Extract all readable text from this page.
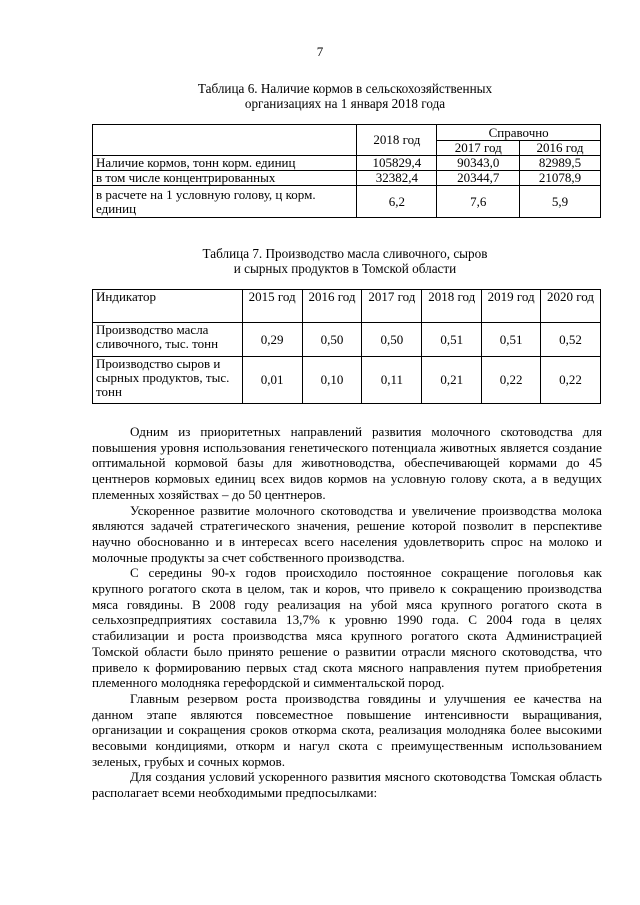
7
Таблица 6. Наличие кормов в сельскохозяйственных
организациях на 1 января 2018 года
	2018 год	Справочно	
		2017 год	2016 год
Наличие кормов, тонн корм. единиц	105829,4	90343,0	82989,5
в том числе концентрированных	32382,4	20344,7	21078,9
в расчете на 1 условную голову, ц корм. единиц	6,2	7,6	5,9
Таблица 7. Производство масла сливочного, сыров
и сырных продуктов в Томской области
Индикатор	2015 год	2016 год	2017 год	2018 год	2019 год	2020 год
Производство масла сливочного, тыс. тонн	0,29	0,50	0,50	0,51	0,51	0,52
Производство сыров и сырных продуктов, тыс. тонн	0,01	0,10	0,11	0,21	0,22	0,22

Одним из приоритетных направлений развития молочного скотоводства для повышения уровня использования генетического потенциала животных является создание оптимальной кормовой базы для животноводства, обеспечивающей кормами до 45 центнеров кормовых единиц всех видов кормов на условную голову скота, а в ведущих племенных хозяйствах – до 50 центнеров.

Ускоренное развитие молочного скотоводства и увеличение производства молока являются задачей стратегического значения, решение которой позволит в перспективе научно обоснованно и в интересах всего населения удовлетворить спрос на молоко и молочные продукты за счет собственного производства.

С середины 90-х годов происходило постоянное сокращение поголовья как крупного рогатого скота в целом, так и коров, что привело к сокращению производства мяса говядины. В 2008 году реализация на убой мяса крупного рогатого скота в сельхозпредприятиях составила 13,7% к уровню 1990 года. С 2004 года в целях стабилизации и роста производства мяса крупного рогатого скота Администрацией Томской области было принято решение о развитии отрасли мясного скотоводства, что привело к формированию первых стад скота мясного направления путем приобретения племенного молодняка герефордской и симментальской пород.

Главным резервом роста производства говядины и улучшения ее качества на данном этапе являются повсеместное повышение интенсивности выращивания, организации и сокращения сроков откорма скота, реализация молодняка более высокими весовыми кондициями, откорм и нагул скота с преимущественным использованием зеленых, грубых и сочных кормов.

Для создания условий ускоренного развития мясного скотоводства Томская область располагает всеми необходимыми предпосылками:
